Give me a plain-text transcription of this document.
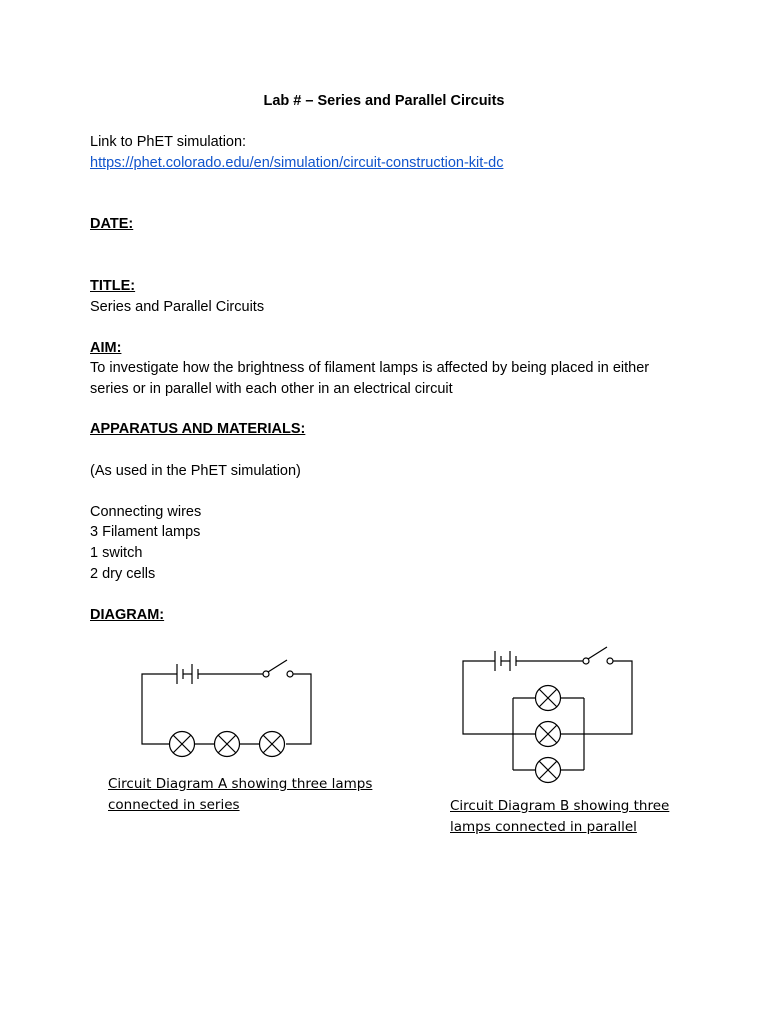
Lab # – Series and Parallel Circuits
Link to PhET simulation:
https://phet.colorado.edu/en/simulation/circuit-construction-kit-dc
DATE:
TITLE:
Series and Parallel Circuits
AIM:
To investigate how the brightness of filament lamps is affected by being placed in either
series or in parallel with each other in an electrical circuit
APPARATUS AND MATERIALS:
(As used in the PhET simulation)
Connecting wires
3 Filament lamps
1 switch
2 dry cells
DIAGRAM:
Circuit Diagram A showing three lamps
connected in series	Circuit Diagram B showing three
lamps connected in parallel
